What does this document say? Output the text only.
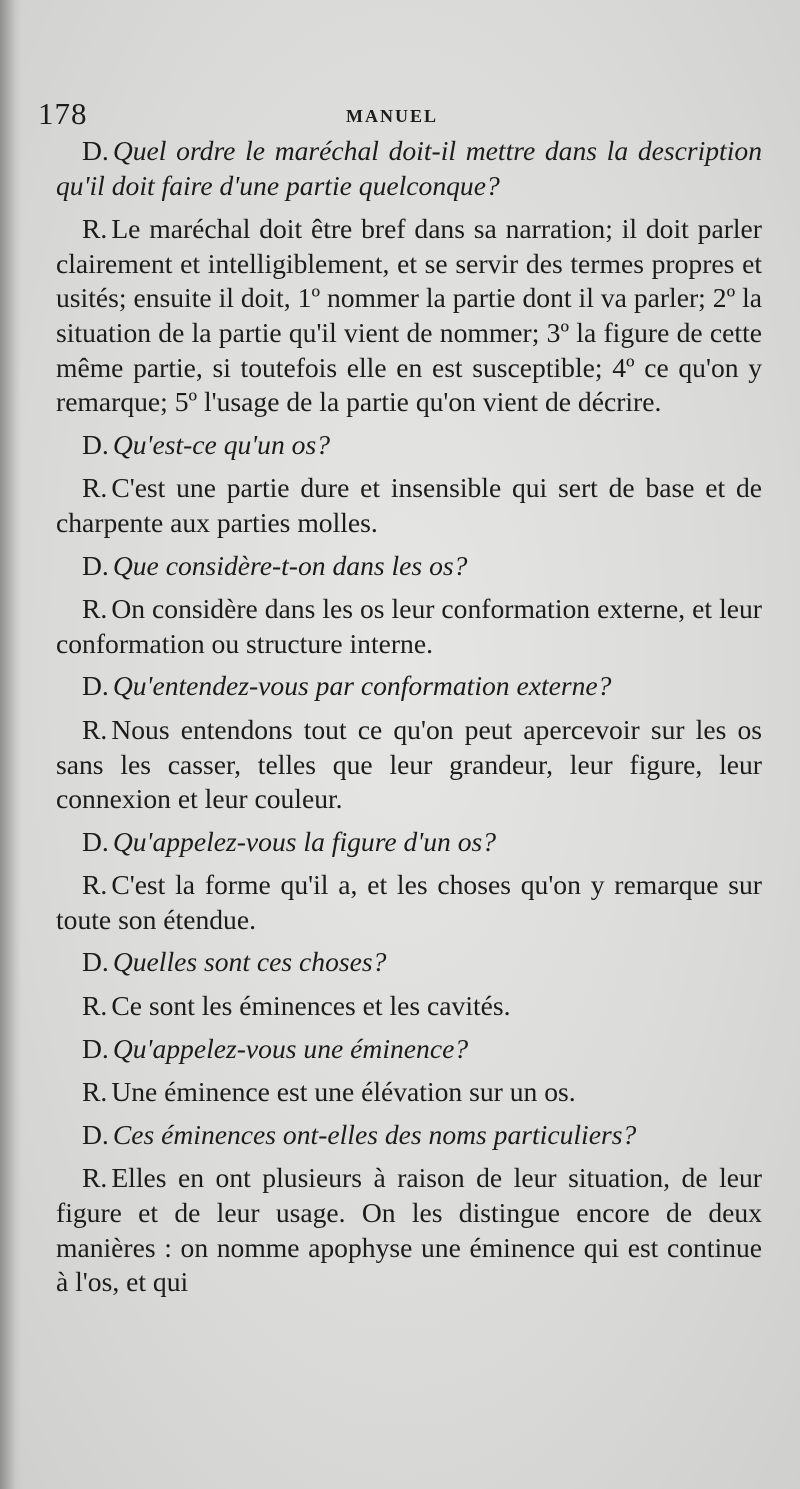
178	MANUEL

D. Quel ordre le maréchal doit-il mettre dans la description qu'il doit faire d'une partie quelconque?

R. Le maréchal doit être bref dans sa narration; il doit parler clairement et intelligiblement, et se servir des termes propres et usités; ensuite il doit, 1º nommer la partie dont il va parler; 2º la situation de la partie qu'il vient de nommer; 3º la figure de cette même partie, si toutefois elle en est susceptible; 4º ce qu'on y remarque; 5º l'usage de la partie qu'on vient de décrire.

D. Qu'est-ce qu'un os?

R. C'est une partie dure et insensible qui sert de base et de charpente aux parties molles.

D. Que considère-t-on dans les os?

R. On considère dans les os leur conformation externe, et leur conformation ou structure interne.

D. Qu'entendez-vous par conformation externe?

R. Nous entendons tout ce qu'on peut apercevoir sur les os sans les casser, telles que leur grandeur, leur figure, leur connexion et leur couleur.

D. Qu'appelez-vous la figure d'un os?

R. C'est la forme qu'il a, et les choses qu'on y remarque sur toute son étendue.

D. Quelles sont ces choses?

R. Ce sont les éminences et les cavités.

D. Qu'appelez-vous une éminence?

R. Une éminence est une élévation sur un os.

D. Ces éminences ont-elles des noms particuliers?

R. Elles en ont plusieurs à raison de leur situation, de leur figure et de leur usage. On les distingue encore de deux manières : on nomme apophyse une éminence qui est continue à l'os, et qui
